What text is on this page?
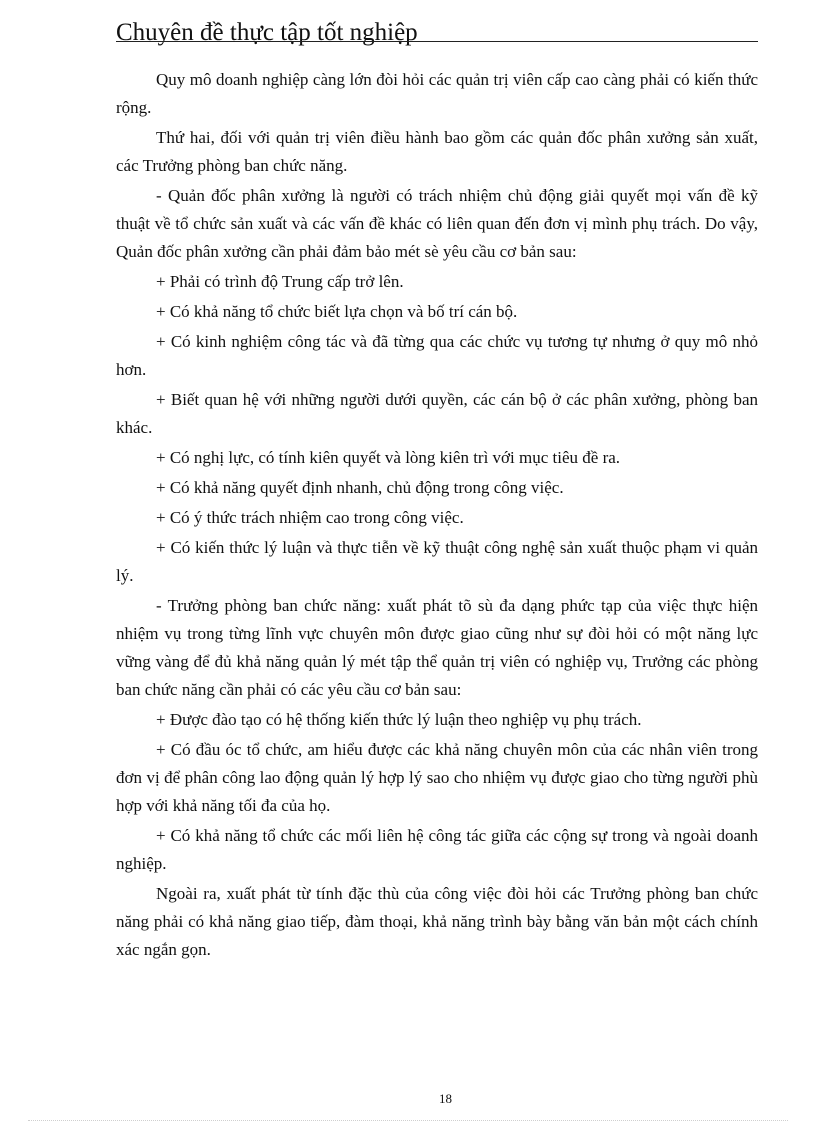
Chuyên đề thực tập tốt nghiệp

Quy mô doanh nghiệp càng lớn đòi hỏi các quản trị viên cấp cao càng phải có kiến thức rộng.

Thứ hai, đối với quản trị viên điều hành bao gồm các quản đốc phân xưởng sản xuất, các Trưởng phòng ban chức năng.

- Quản đốc phân xưởng là người có trách nhiệm chủ động giải quyết mọi vấn đề kỹ thuật về tổ chức sản xuất và các vấn đề khác có liên quan đến đơn vị mình phụ trách. Do vậy, Quản đốc phân xưởng cần phải đảm bảo mét sè yêu cầu cơ bản sau:

+ Phải có trình độ Trung cấp trở lên.

+ Có khả năng tổ chức biết lựa chọn và bố trí cán bộ.

+ Có kinh nghiệm công tác và đã từng qua các chức vụ tương tự nhưng ở quy mô nhỏ hơn.

+ Biết quan hệ với những người dưới quyền, các cán bộ ở các phân xưởng, phòng ban khác.

+ Có nghị lực, có tính kiên quyết và lòng kiên trì với mục tiêu đề ra.

+ Có khả năng quyết định nhanh, chủ động trong công việc.

+ Có ý thức trách nhiệm cao trong công việc.

+ Có kiến thức lý luận và thực tiễn về kỹ thuật công nghệ sản xuất thuộc phạm vi quản lý.

- Trưởng phòng ban chức năng: xuất phát tõ sù đa dạng phức tạp của việc thực hiện nhiệm vụ trong từng lĩnh vực chuyên môn được giao cũng như sự đòi hỏi có một năng lực vững vàng để đủ khả năng quản lý mét tập thể quản trị viên có nghiệp vụ, Trưởng các phòng ban chức năng cần phải có các yêu cầu cơ bản sau:

+ Được đào tạo có hệ thống kiến thức lý luận theo nghiệp vụ phụ trách.

+ Có đầu óc tổ chức, am hiểu được các khả năng chuyên môn của các nhân viên trong đơn vị để phân công lao động quản lý hợp lý sao cho nhiệm vụ được giao cho từng người phù hợp với khả năng tối đa của họ.

+ Có khả năng tổ chức các mối liên hệ công tác giữa các cộng sự trong và ngoài doanh nghiệp.

Ngoài ra, xuất phát từ tính đặc thù của công việc đòi hỏi các Trưởng phòng ban chức năng phải có khả năng giao tiếp, đàm thoại, khả năng trình bày bằng văn bản một cách chính xác ngắn gọn.

18
